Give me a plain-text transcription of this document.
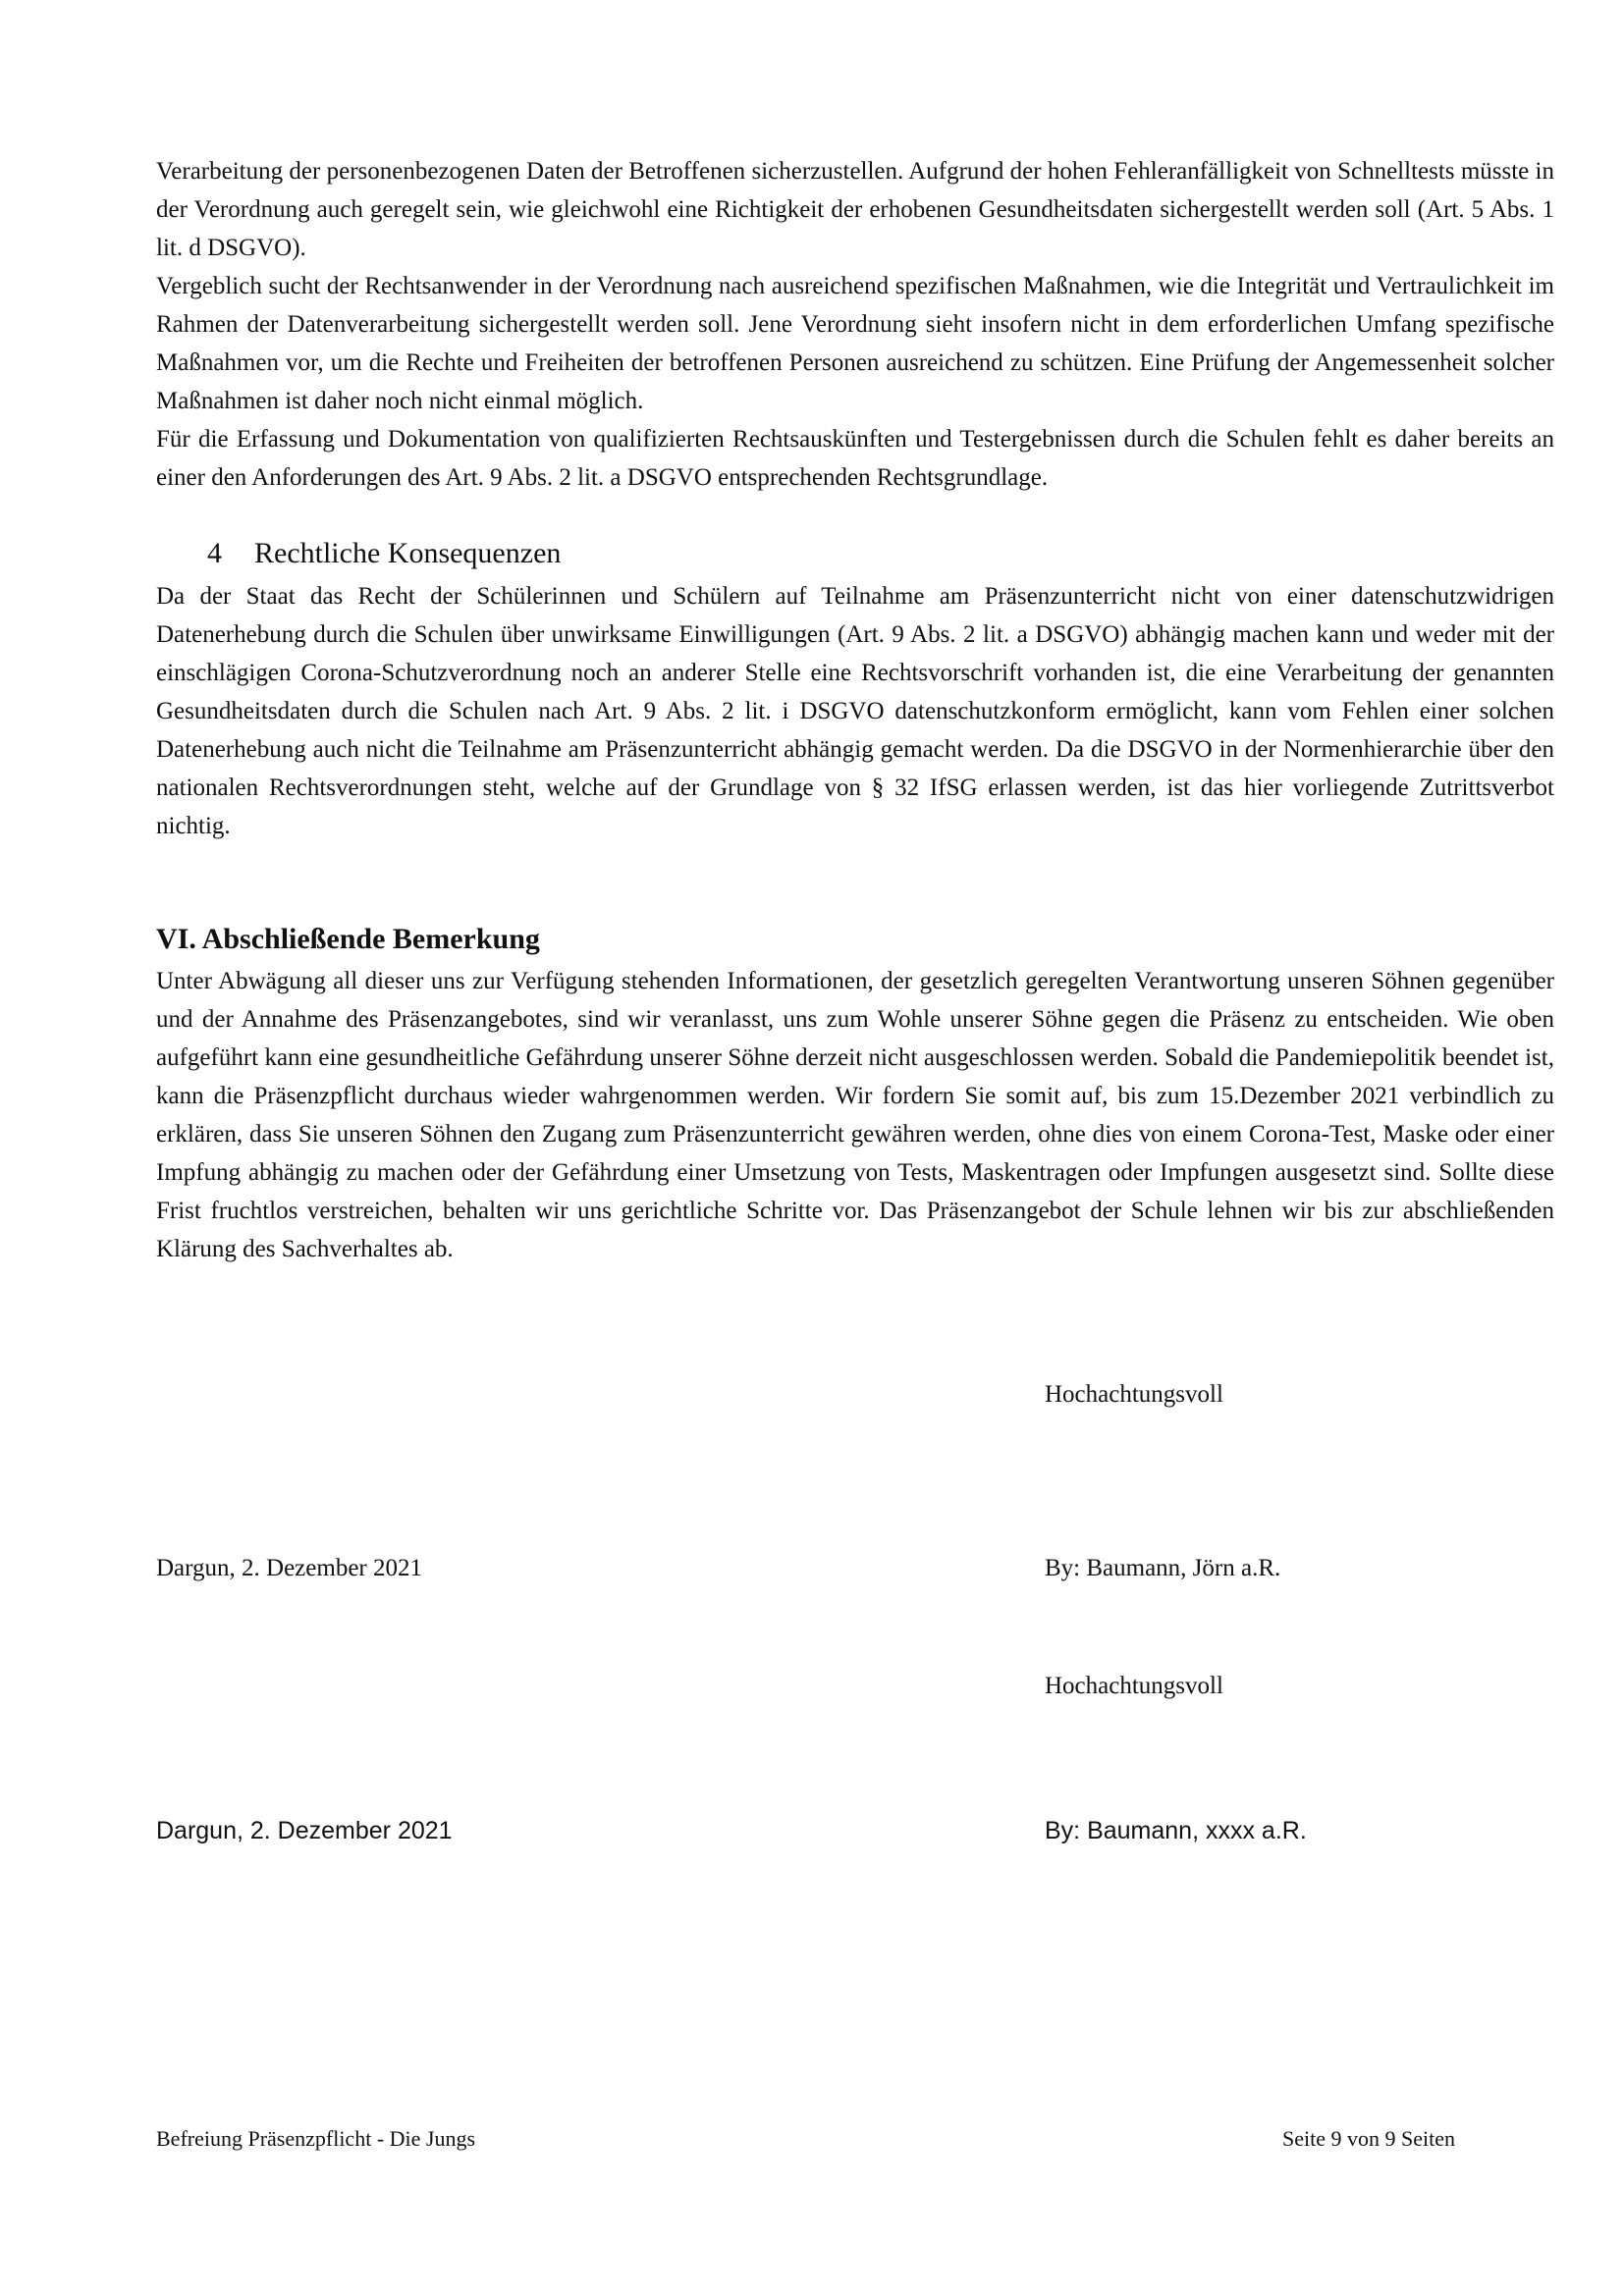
Verarbeitung der personenbezogenen Daten der Betroffenen sicherzustellen. Aufgrund der hohen Fehleranfälligkeit von Schnelltests müsste in der Verordnung auch geregelt sein, wie gleichwohl eine Richtigkeit der erhobenen Gesundheitsdaten sichergestellt werden soll (Art. 5 Abs. 1 lit. d DSGVO).

Vergeblich sucht der Rechtsanwender in der Verordnung nach ausreichend spezifischen Maßnahmen, wie die Integrität und Vertraulichkeit im Rahmen der Datenverarbeitung sichergestellt werden soll. Jene Verordnung sieht insofern nicht in dem erforderlichen Umfang spezifische Maßnahmen vor, um die Rechte und Freiheiten der betroffenen Personen ausreichend zu schützen. Eine Prüfung der Angemessenheit solcher Maßnahmen ist daher noch nicht einmal möglich.

Für die Erfassung und Dokumentation von qualifizierten Rechtsauskünften und Testergebnissen durch die Schulen fehlt es daher bereits an einer den Anforderungen des Art. 9 Abs. 2 lit. a DSGVO entsprechenden Rechtsgrundlage.

4 Rechtliche Konsequenzen

Da der Staat das Recht der Schülerinnen und Schülern auf Teilnahme am Präsenzunterricht nicht von einer datenschutzwidrigen Datenerhebung durch die Schulen über unwirksame Einwilligungen (Art. 9 Abs. 2 lit. a DSGVO) abhängig machen kann und weder mit der einschlägigen Corona-Schutzverordnung noch an anderer Stelle eine Rechtsvorschrift vorhanden ist, die eine Verarbeitung der genannten Gesundheitsdaten durch die Schulen nach Art. 9 Abs. 2 lit. i DSGVO datenschutzkonform ermöglicht, kann vom Fehlen einer solchen Datenerhebung auch nicht die Teilnahme am Präsenzunterricht abhängig gemacht werden. Da die DSGVO in der Normenhierarchie über den nationalen Rechtsverordnungen steht, welche auf der Grundlage von § 32 IfSG erlassen werden, ist das hier vorliegende Zutrittsverbot nichtig.

VI. Abschließende Bemerkung

Unter Abwägung all dieser uns zur Verfügung stehenden Informationen, der gesetzlich geregelten Verantwortung unseren Söhnen gegenüber und der Annahme des Präsenzangebotes, sind wir veranlasst, uns zum Wohle unserer Söhne gegen die Präsenz zu entscheiden. Wie oben aufgeführt kann eine gesundheitliche Gefährdung unserer Söhne derzeit nicht ausgeschlossen werden. Sobald die Pandemiepolitik beendet ist, kann die Präsenzpflicht durchaus wieder wahrgenommen werden. Wir fordern Sie somit auf, bis zum 15.Dezember 2021 verbindlich zu erklären, dass Sie unseren Söhnen den Zugang zum Präsenzunterricht gewähren werden, ohne dies von einem Corona-Test, Maske oder einer Impfung abhängig zu machen oder der Gefährdung einer Umsetzung von Tests, Maskentragen oder Impfungen ausgesetzt sind. Sollte diese Frist fruchtlos verstreichen, behalten wir uns gerichtliche Schritte vor. Das Präsenzangebot der Schule lehnen wir bis zur abschließenden Klärung des Sachverhaltes ab.

Hochachtungsvoll
Dargun, 2. Dezember 2021	By: Baumann, Jörn a.R.
Hochachtungsvoll
Dargun, 2. Dezember 2021	By: Baumann, xxxx a.R.
Befreiung Präsenzpflicht - Die Jungs	Seite 9 von 9 Seiten
